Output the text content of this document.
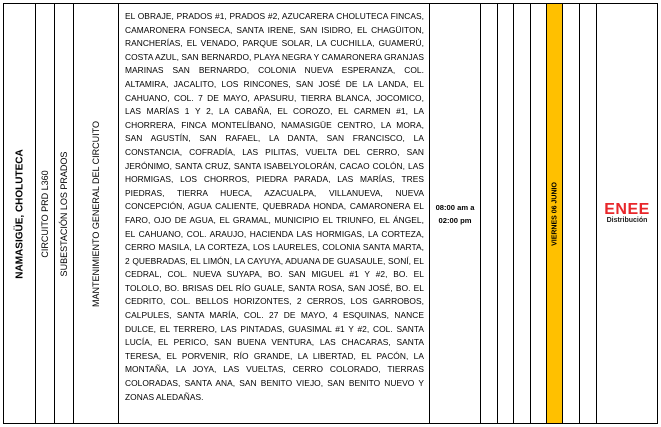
NAMASIGÜE, CHOLUTECA CIRCUITO PRD L360 SUBESTACIÓN LOS PRADOS MANTENIMIENTO GENERAL DEL CIRCUITO
EL OBRAJE, PRADOS #1, PRADOS #2, AZUCARERA CHOLUTECA FINCAS, CAMARONERA FONSECA, SANTA IRENE, SAN ISIDRO, EL CHAGÜITON, RANCHERÍAS, EL VENADO, PARQUE SOLAR, LA CUCHILLA, GUAMERÚ, COSTA AZUL, SAN BERNARDO, PLAYA NEGRA Y CAMARONERA GRANJAS MARINAS SAN BERNARDO, COLONIA NUEVA ESPERANZA, COL. ALTAMIRA, JACALITO, LOS RINCONES, SAN JOSÉ DE LA LANDA, EL CAHUANO, COL. 7 DE MAYO, APASURU, TIERRA BLANCA, JOCOMICO, LAS MARÍAS 1 Y 2, LA CABAÑA, EL COROZO, EL CARMEN #1, LA CHORRERA, FINCA MONTELÍBANO, NAMASIGÜE CENTRO, LA MORA, SAN AGUSTÍN, SAN RAFAEL, LA DANTA, SAN FRANCISCO, LA CONSTANCIA, COFRADÍA, LAS PILITAS, VUELTA DEL CERRO, SAN JERÓNIMO, SANTA CRUZ, SANTA ISABELYOLORÁN, CACAO COLÓN, LAS HORMIGAS, LOS CHORROS, PIEDRA PARADA, LAS MARÍAS, TRES PIEDRAS, TIERRA HUECA, AZACUALPA, VILLANUEVA, NUEVA CONCEPCIÓN, AGUA CALIENTE, QUEBRADA HONDA, CAMARONERA EL FARO, OJO DE AGUA, EL GRAMAL, MUNICIPIO EL TRIUNFO, EL ÁNGEL, EL CAHUANO, COL. ARAUJO, HACIENDA LAS HORMIGAS, LA CORTEZA, CERRO MASILA, LA CORTEZA, LOS LAURELES, COLONIA SANTA MARTA, 2 QUEBRADAS, EL LIMÓN, LA CAYUYA, ADUANA DE GUASAULE, SONÍ, EL CEDRAL, COL. NUEVA SUYAPA, BO. SAN MIGUEL #1 Y #2, BO. EL TOLOLO, BO. BRISAS DEL RÍO GUALE, SANTA ROSA, SAN JOSÉ, BO. EL CEDRITO, COL. BELLOS HORIZONTES, 2 CERROS, LOS GARROBOS, CALPULES, SANTA MARÍA, COL. 27 DE MAYO, 4 ESQUINAS, NANCE DULCE, EL TERRERO, LAS PINTADAS, GUASIMAL #1 Y #2, COL. SANTA LUCÍA, EL PERICO, SAN BUENA VENTURA, LAS CHACARAS, SANTA TERESA, EL PORVENIR, RÍO GRANDE, LA LIBERTAD, EL PACÓN, LA MONTAÑA, LA JOYA, LAS VUELTAS, CERRO COLORADO, TIERRAS COLORADAS, SANTA ANA, SAN BENITO VIEJO, SAN BENITO NUEVO Y ZONAS ALEDAÑAS.
08:00 am a
02:00 pm	VIERNES 06 JUNIO	ENEE
Distribución
